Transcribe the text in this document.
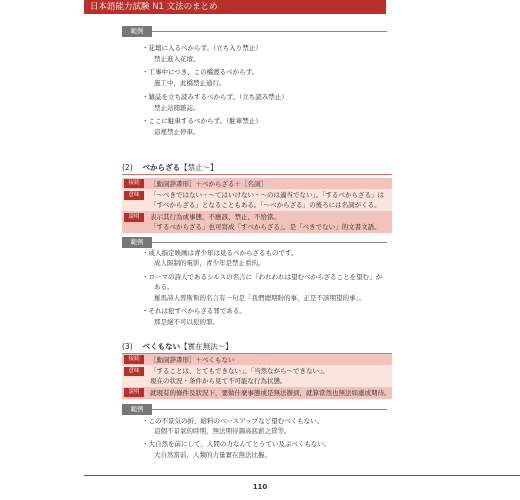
日本語能力試験 N1 文法のまとめ
範例
・花壇に入るべからず。（立ち入り禁止）
禁止進入花壇。
・工事中につき、この橋渡るべからず。
施工中，此橋禁止通行。
・雑誌を立ち読みするべからず。（立ち読み禁止）
禁止站閱雜誌。
・ここに駐車するべからず。（駐車禁止）
這裡禁止停車。
(2) べからざる【禁止～】
接続	［動詞辞書形］＋べからざる＋［名詞］
意味	「～べきではない・～てはいけない・～のは適当でない」。「するべからざる」は
「すべからざる」となることもある。「～べからざる」の後ろには名詞がくる。
說明	表示其行為或事態，不應該、禁止、不恰當。
「するべからざる」也可寫成「すべからざる」。是「べきでない」的文書文語。
範例
・成人指定映画は青少年は見るべからざるものです。
成人限制的電影，青少年是禁止看的。
・ローマの詩人であるシルスの名言に「われわれは望むべからざることを望む」が
ある。
羅馬詩人普斯斯的名言有一句是「我們總期盼的事，正是不該期望的事」。
・それは犯すべからざる罪である。
那是絕不可以犯的罪。
(3) べくもない【實在無法～】
接続	［動詞辞書形］＋べくもない
意味	「することは、とてもできない」。「当然ながら～できない」。
現在の状況・条件から見て不可能な行為状態。
說明	就現有的條件及狀況下，要做什麼事態或是無法辦到，就算當然也無法如處或期待。
範例
・この不景気の折、給料のベースアップなど望むべくもない。
這個不景氣的時期，無法期待調高底薪之貸等。
・大自然を前にして、人間の力なんてとうてい及ぶべくもない。
大自然當前，人類的力量實在無法比擬。
110
